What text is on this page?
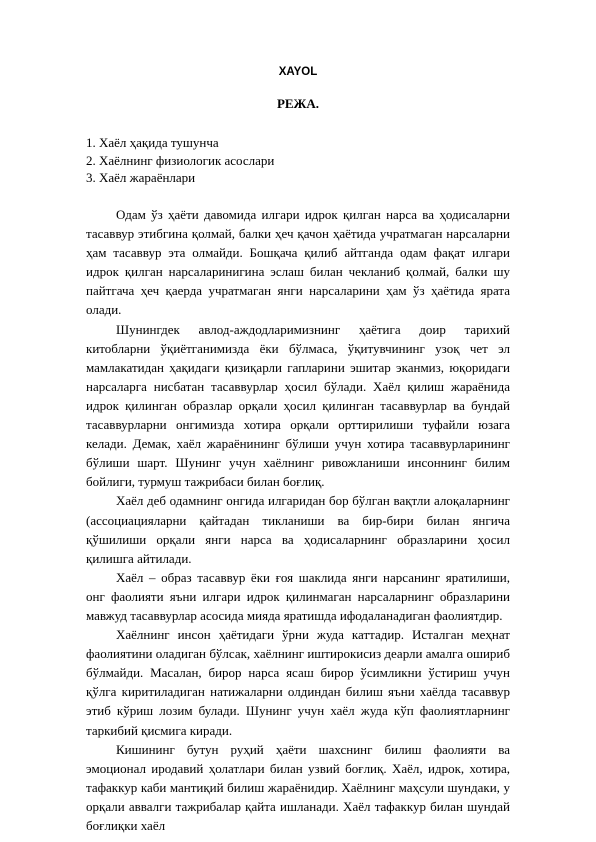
XAYOL
РЕЖА.
1. Хаёл ҳақида тушунча
2. Хаёлнинг физиологик асослари
3. Хаёл жараёнлари

Одам ўз ҳаёти давомида илгари идрок қилган нарса ва ҳодисаларни тасаввур этибгина қолмай, балки ҳеч қачон ҳаётида учратмаган нарсаларни ҳам тасаввур эта олмайди. Бошқача қилиб айтганда одам фақат илгари идрок қилган нарсаларинигина эслаш билан чекланиб қолмай, балки шу пайтгача ҳеч қаерда учратмаган янги нарсаларини ҳам ўз ҳаётида ярата олади.

Шунингдек авлод-аждодларимизнинг ҳаётига доир тарихий китобларни ўқиётганимизда ёки бўлмаса, ўқитувчининг узоқ чет эл мамлакатидан ҳақидаги қизиқарли гапларини эшитар эканмиз, юқоридаги нарсаларга нисбатан тасаввурлар ҳосил бўлади. Хаёл қилиш жараёнида идрок қилинган образлар орқали ҳосил қилинган тасаввурлар ва бундай тасаввурларни онгимизда хотира орқали орттирилиши туфайли юзага келади. Демак, хаёл жараёнининг бўлиши учун хотира тасаввурларининг бўлиши шарт. Шунинг учун хаёлнинг ривожланиши инсоннинг билим бойлиги, турмуш тажрибаси билан боғлиқ.

Хаёл деб одамнинг онгида илгаридан бор бўлган вақтли алоқаларнинг (ассоциацияларни қайтадан тикланиши ва бир-бири билан янгича қўшилиши орқали янги нарса ва ҳодисаларнинг образларини ҳосил қилишга айтилади.

Хаёл – образ тасаввур ёки ғоя шаклида янги нарсанинг яратилиши, онг фаолияти яъни илгари идрок қилинмаган нарсаларнинг образларини мавжуд тасаввурлар асосида мияда яратишда ифодаланадиган фаолиятдир.

Хаёлнинг инсон ҳаётидаги ўрни жуда каттадир. Исталган меҳнат фаолиятини оладиган бўлсак, хаёлнинг иштирокисиз деарли амалга ошириб бўлмайди. Масалан, бирор нарса ясаш бирор ўсимликни ўстириш учун қўлга киритиладиган натижаларни олдиндан билиш яъни хаёлда тасаввур этиб кўриш лозим булади. Шунинг учун хаёл жуда кўп фаолиятларнинг таркибий қисмига киради.

Кишининг бутун руҳий ҳаёти шахснинг билиш фаолияти ва эмоционал иродавий ҳолатлари билан узвий боғлиқ. Хаёл, идрок, хотира, тафаккур каби мантиқий билиш жараёнидир. Хаёлнинг маҳсули шундаки, у орқали аввалги тажрибалар қайта ишланади. Хаёл тафаккур билан шундай боғлиқки хаёл
